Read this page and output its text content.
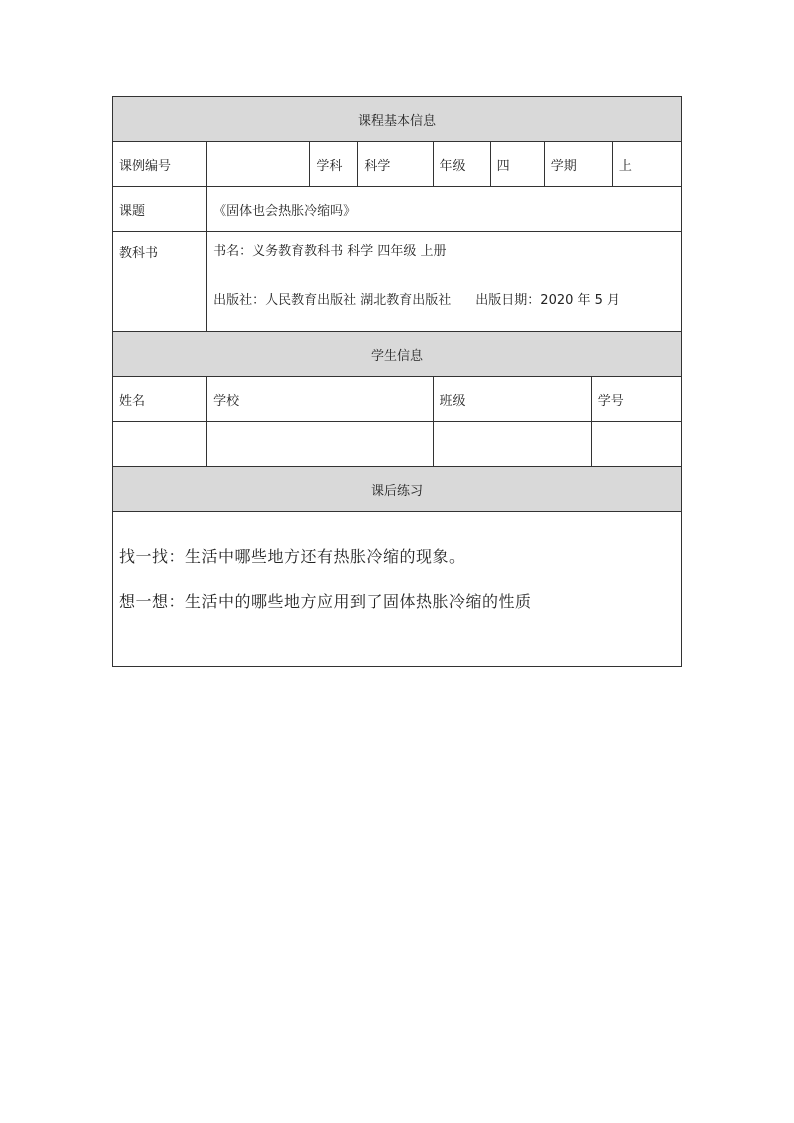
课程基本信息								
课例编号		学科	科学	年级	四	学期		上
课题	《固体也会热胀冷缩吗》							
教科书	书名：义务教育教科书 科学 四年级 上册
出版社：人民教育出版社 湖北教育出版社 出版日期：2020 年 5 月							

学生信息								
姓名	学校			班级			学号	

课后练习								

找一找：生活中哪些地方还有热胀冷缩的现象。
想一想：生活中的哪些地方应用到了固体热胀冷缩的性质								
